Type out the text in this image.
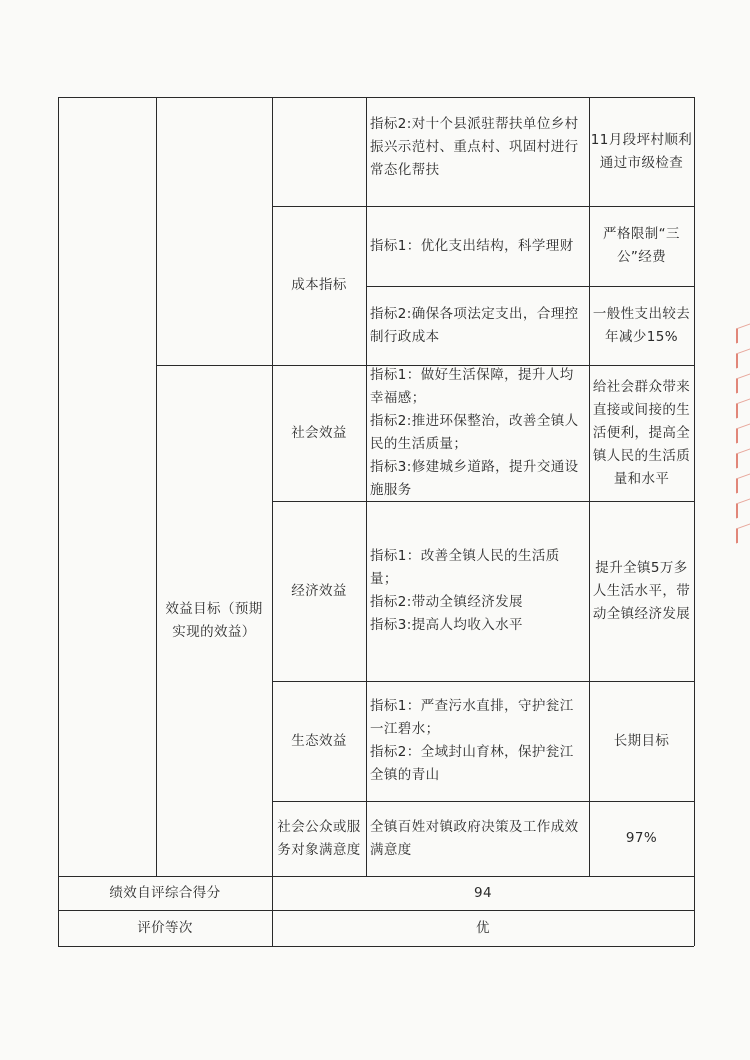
指标2:对十个县派驻帮扶单位乡村振兴示范村、重点村、巩固村进行常态化帮扶
11月段坪村顺利通过市级检查
成本指标
指标1：优化支出结构，科学理财
严格限制“三公”经费
指标2:确保各项法定支出，合理控制行政成本
一般性支出较去年减少15%
效益目标（预期实现的效益）
社会效益
指标1：做好生活保障，提升人均幸福感；
指标2:推进环保整治，改善全镇人民的生活质量；
指标3:修建城乡道路，提升交通设施服务
给社会群众带来直接或间接的生活便利，提高全镇人民的生活质量和水平
经济效益
指标1：改善全镇人民的生活质量；
指标2:带动全镇经济发展
指标3:提高人均收入水平
提升全镇5万多人生活水平，带动全镇经济发展
生态效益
指标1：严查污水直排，守护瓮江一江碧水；
指标2：全域封山育林，保护瓮江全镇的青山
长期目标
社会公众或服务对象满意度
全镇百姓对镇政府决策及工作成效满意度
97%
绩效自评综合得分	94
评价等次	优
